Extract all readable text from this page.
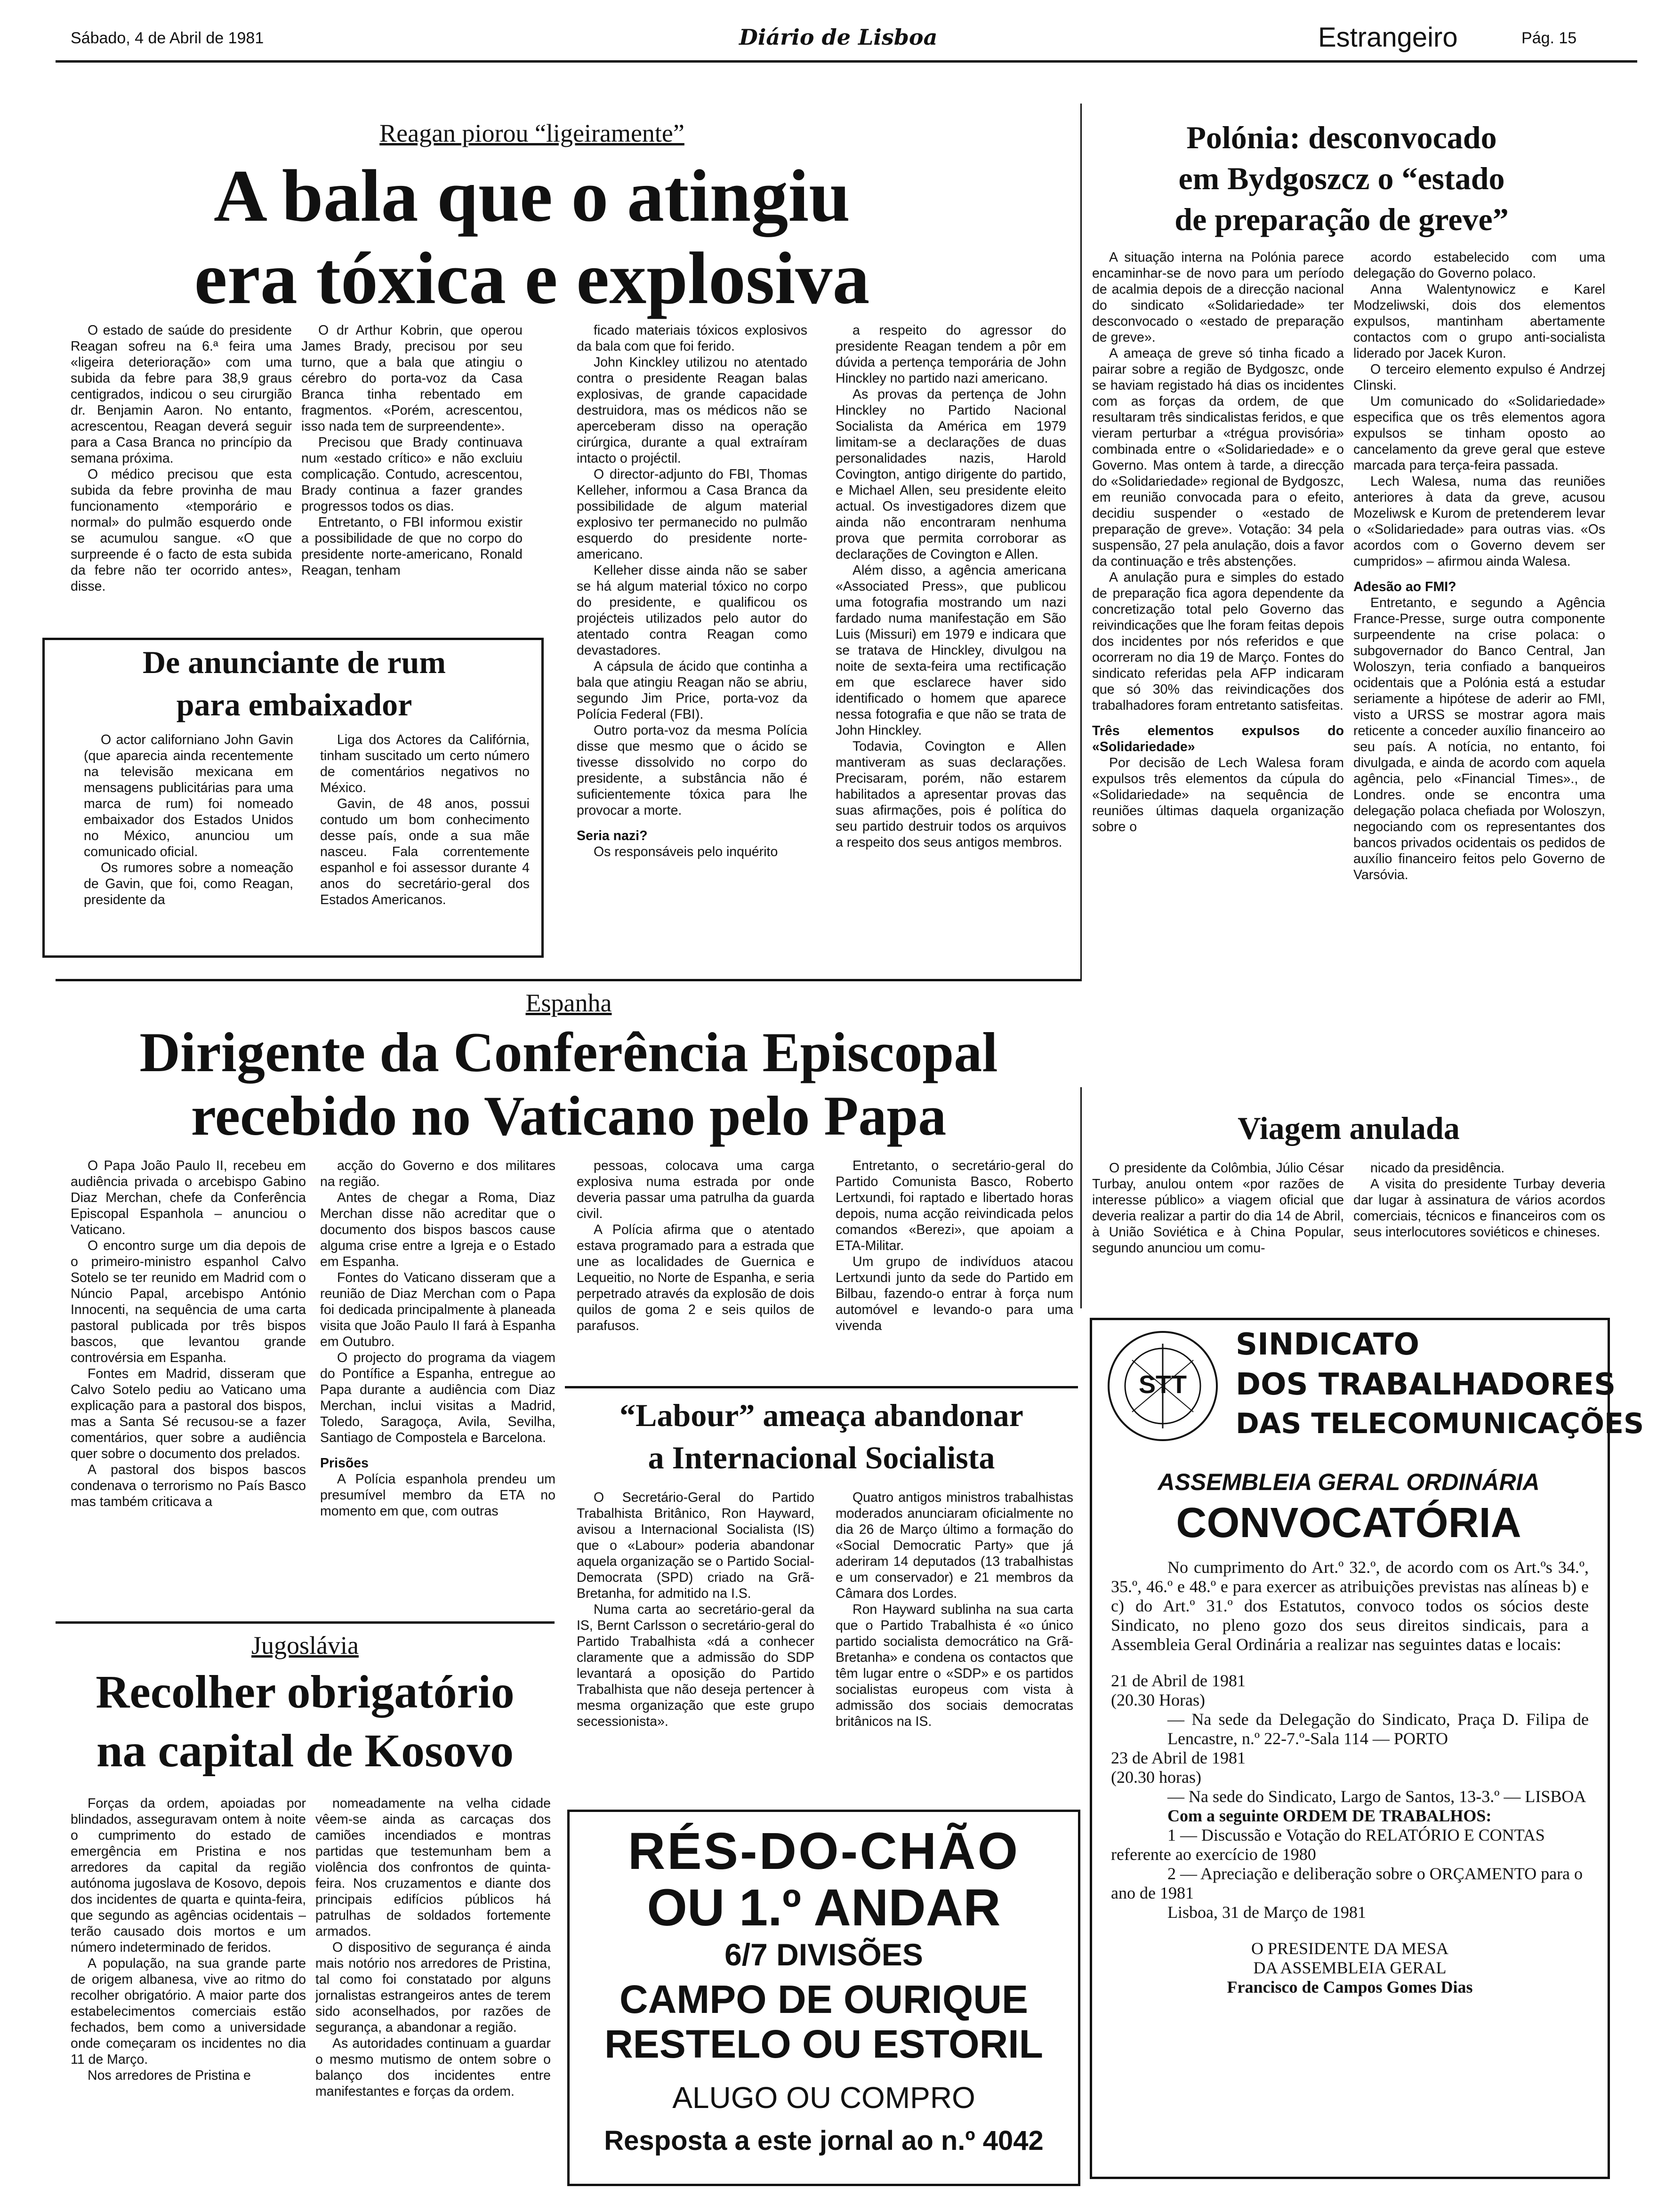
Sábado, 4 de Abril de 1981	Diário de Lisboa	Estrangeiro	Pág. 15
Reagan piorou “ligeiramente”
A bala que o atingiu
era tóxica e explosiva

O estado de saúde do presidente Reagan sofreu na 6.ª feira uma «ligeira deterioração» com uma subida da febre para 38,9 graus centigrados, indicou o seu cirurgião dr. Benjamin Aaron. No entanto, acrescentou, Reagan deverá seguir para a Casa Branca no princípio da semana próxima.

O médico precisou que esta subida da febre provinha de mau funcionamento «temporário e normal» do pulmão esquerdo onde se acumulou sangue. «O que surpreende é o facto de esta subida da febre não ter ocorrido antes», disse.

O dr Arthur Kobrin, que operou James Brady, precisou por seu turno, que a bala que atingiu o cérebro do porta-voz da Casa Branca tinha rebentado em fragmentos. «Porém, acrescentou, isso nada tem de surpreendente».

Precisou que Brady continuava num «estado crítico» e não excluiu complicação. Contudo, acrescentou, Brady continua a fazer grandes progressos todos os dias.

Entretanto, o FBI informou existir a possibilidade de que no corpo do presidente norte-americano, Ronald Reagan, tenham

ficado materiais tóxicos explosivos da bala com que foi ferido.

John Kinckley utilizou no atentado contra o presidente Reagan balas explosivas, de grande capacidade destruidora, mas os médicos não se aperceberam disso na operação cirúrgica, durante a qual extraíram intacto o projéctil.

O director-adjunto do FBI, Thomas Kelleher, informou a Casa Branca da possibilidade de algum material explosivo ter permanecido no pulmão esquerdo do presidente norte-americano.

Kelleher disse ainda não se saber se há algum material tóxico no corpo do presidente, e qualificou os projécteis utilizados pelo autor do atentado contra Reagan como devastadores.

A cápsula de ácido que continha a bala que atingiu Reagan não se abriu, segundo Jim Price, porta-voz da Polícia Federal (FBI).

Outro porta-voz da mesma Polícia disse que mesmo que o ácido se tivesse dissolvido no corpo do presidente, a substância não é suficientemente tóxica para lhe provocar a morte.

Seria nazi?

Os responsáveis pelo inquérito

a respeito do agressor do presidente Reagan tendem a pôr em dúvida a pertença temporária de John Hinckley no partido nazi americano.

As provas da pertença de John Hinckley no Partido Nacional Socialista da América em 1979 limitam-se a declarações de duas personalidades nazis, Harold Covington, antigo dirigente do partido, e Michael Allen, seu presidente eleito actual. Os investigadores dizem que ainda não encontraram nenhuma prova que permita corroborar as declarações de Covington e Allen.

Além disso, a agência americana «Associated Press», que publicou uma fotografia mostrando um nazi fardado numa manifestação em São Luis (Missuri) em 1979 e indicara que se tratava de Hinckley, divulgou na noite de sexta-feira uma rectificação em que esclarece haver sido identificado o homem que aparece nessa fotografia e que não se trata de John Hinckley.

Todavia, Covington e Allen mantiveram as suas declarações. Precisaram, porém, não estarem habilitados a apresentar provas das suas afirmações, pois é política do seu partido destruir todos os arquivos a respeito dos seus antigos membros.

De anunciante de rum
para embaixador

O actor californiano John Gavin (que aparecia ainda recentemente na televisão mexicana em mensagens publicitárias para uma marca de rum) foi nomeado embaixador dos Estados Unidos no México, anunciou um comunicado oficial.

Os rumores sobre a nomeação de Gavin, que foi, como Reagan, presidente da

Liga dos Actores da Califórnia, tinham suscitado um certo número de comentários negativos no México.

Gavin, de 48 anos, possui contudo um bom conhecimento desse país, onde a sua mãe nasceu. Fala correntemente espanhol e foi assessor durante 4 anos do secretário-geral dos Estados Americanos.

Polónia: desconvocado
em Bydgoszcz o “estado
de preparação de greve”

A situação interna na Polónia parece encaminhar-se de novo para um período de acalmia depois de a direcção nacional do sindicato «Solidariedade» ter desconvocado o «estado de preparação de greve».

A ameaça de greve só tinha ficado a pairar sobre a região de Bydgoszc, onde se haviam registado há dias os incidentes com as forças da ordem, de que resultaram três sindicalistas feridos, e que vieram perturbar a «trégua provisória» combinada entre o «Solidariedade» e o Governo. Mas ontem à tarde, a direcção do «Solidariedade» regional de Bydgoszc, em reunião convocada para o efeito, decidiu suspender o «estado de preparação de greve». Votação: 34 pela suspensão, 27 pela anulação, dois a favor da continuação e três abstenções.

A anulação pura e simples do estado de preparação fica agora dependente da concretização total pelo Governo das reivindicações que lhe foram feitas depois dos incidentes por nós referidos e que ocorreram no dia 19 de Março. Fontes do sindicato referidas pela AFP indicaram que só 30% das reivindicações dos trabalhadores foram entretanto satisfeitas.

Três elementos expulsos do «Solidariedade»

Por decisão de Lech Walesa foram expulsos três elementos da cúpula do «Solidariedade» na sequência de reuniões últimas daquela organização sobre o

acordo estabelecido com uma delegação do Governo polaco.

Anna Walentynowicz e Karel Modzeliwski, dois dos elementos expulsos, mantinham abertamente contactos com o grupo anti-socialista liderado por Jacek Kuron.

O terceiro elemento expulso é Andrzej Clinski.

Um comunicado do «Solidariedade» especifica que os três elementos agora expulsos se tinham oposto ao cancelamento da greve geral que esteve marcada para terça-feira passada.

Lech Walesa, numa das reuniões anteriores à data da greve, acusou Mozeliwsk e Kurom de pretenderem levar o «Solidariedade» para outras vias. «Os acordos com o Governo devem ser cumpridos» – afirmou ainda Walesa.

Adesão ao FMI?

Entretanto, e segundo a Agência France-Presse, surge outra componente surpeendente na crise polaca: o subgovernador do Banco Central, Jan Woloszyn, teria confiado a banqueiros ocidentais que a Polónia está a estudar seriamente a hipótese de aderir ao FMI, visto a URSS se mostrar agora mais reticente a conceder auxílio financeiro ao seu país. A notícia, no entanto, foi divulgada, e ainda de acordo com aquela agência, pelo «Financial Times»., de Londres. onde se encontra uma delegação polaca chefiada por Woloszyn, negociando com os representantes dos bancos privados ocidentais os pedidos de auxílio financeiro feitos pelo Governo de Varsóvia.

Espanha
Dirigente da Conferência Episcopal
recebido no Vaticano pelo Papa

O Papa João Paulo II, recebeu em audiência privada o arcebispo Gabino Diaz Merchan, chefe da Conferência Episcopal Espanhola – anunciou o Vaticano.

O encontro surge um dia depois de o primeiro-ministro espanhol Calvo Sotelo se ter reunido em Madrid com o Núncio Papal, arcebispo António Innocenti, na sequência de uma carta pastoral publicada por três bispos bascos, que levantou grande controvérsia em Espanha.

Fontes em Madrid, disseram que Calvo Sotelo pediu ao Vaticano uma explicação para a pastoral dos bispos, mas a Santa Sé recusou-se a fazer comentários, quer sobre a audiência quer sobre o documento dos prelados.

A pastoral dos bispos bascos condenava o terrorismo no País Basco mas também criticava a

acção do Governo e dos militares na região.

Antes de chegar a Roma, Diaz Merchan disse não acreditar que o documento dos bispos bascos cause alguma crise entre a Igreja e o Estado em Espanha.

Fontes do Vaticano disseram que a reunião de Diaz Merchan com o Papa foi dedicada principalmente à planeada visita que João Paulo II fará à Espanha em Outubro.

O projecto do programa da viagem do Pontífice a Espanha, entregue ao Papa durante a audiência com Diaz Merchan, inclui visitas a Madrid, Toledo, Saragoça, Avila, Sevilha, Santiago de Compostela e Barcelona.

Prisões

A Polícia espanhola prendeu um presumível membro da ETA no momento em que, com outras

pessoas, colocava uma carga explosiva numa estrada por onde deveria passar uma patrulha da guarda civil.

A Polícia afirma que o atentado estava programado para a estrada que une as localidades de Guernica e Lequeitio, no Norte de Espanha, e seria perpetrado através da explosão de dois quilos de goma 2 e seis quilos de parafusos.

Entretanto, o secretário-geral do Partido Comunista Basco, Roberto Lertxundi, foi raptado e libertado horas depois, numa acção reivindicada pelos comandos «Berezi», que apoiam a ETA-Militar.

Um grupo de indivíduos atacou Lertxundi junto da sede do Partido em Bilbau, fazendo-o entrar à força num automóvel e levando-o para uma vivenda

Viagem anulada

O presidente da Colômbia, Júlio César Turbay, anulou ontem «por razões de interesse público» a viagem oficial que deveria realizar a partir do dia 14 de Abril, à União Soviética e à China Popular, segundo anunciou um comu-

nicado da presidência.

A visita do presidente Turbay deveria dar lugar à assinatura de vários acordos comerciais, técnicos e financeiros com os seus interlocutores soviéticos e chineses.

“Labour” ameaça abandonar
a Internacional Socialista

O Secretário-Geral do Partido Trabalhista Britânico, Ron Hayward, avisou a Internacional Socialista (IS) que o «Labour» poderia abandonar aquela organização se o Partido Social-Democrata (SPD) criado na Grã-Bretanha, for admitido na I.S.

Numa carta ao secretário-geral da IS, Bernt Carlsson o secretário-geral do Partido Trabalhista «dá a conhecer claramente que a admissão do SDP levantará a oposição do Partido Trabalhista que não deseja pertencer à mesma organização que este grupo secessionista».

Quatro antigos ministros trabalhistas moderados anunciaram oficialmente no dia 26 de Março último a formação do «Social Democratic Party» que já aderiram 14 deputados (13 trabalhistas e um conservador) e 21 membros da Câmara dos Lordes.

Ron Hayward sublinha na sua carta que o Partido Trabalhista é «o único partido socialista democrático na Grã-Bretanha» e condena os contactos que têm lugar entre o «SDP» e os partidos socialistas europeus com vista à admissão dos sociais democratas britânicos na IS.

Jugoslávia
Recolher obrigatório
na capital de Kosovo

Forças da ordem, apoiadas por blindados, asseguravam ontem à noite o cumprimento do estado de emergência em Pristina e nos arredores da capital da região autónoma jugoslava de Kosovo, depois dos incidentes de quarta e quinta-feira, que segundo as agências ocidentais – terão causado dois mortos e um número indeterminado de feridos.

A população, na sua grande parte de origem albanesa, vive ao ritmo do recolher obrigatório. A maior parte dos estabelecimentos comerciais estão fechados, bem como a universidade onde começaram os incidentes no dia 11 de Março.

Nos arredores de Pristina e

nomeadamente na velha cidade vêem-se ainda as carcaças dos camiões incendiados e montras partidas que testemunham bem a violência dos confrontos de quinta-feira. Nos cruzamentos e diante dos principais edifícios públicos há patrulhas de soldados fortemente armados.

O dispositivo de segurança é ainda mais notório nos arredores de Pristina, tal como foi constatado por alguns jornalistas estrangeiros antes de terem sido aconselhados, por razões de segurança, a abandonar a região.

As autoridades continuam a guardar o mesmo mutismo de ontem sobre o balanço dos incidentes entre manifestantes e forças da ordem.

RÉS-DO-CHÃO
OU 1.º ANDAR
6/7 DIVISÕES
CAMPO DE OURIQUE
RESTELO OU ESTORIL
ALUGO OU COMPRO
Resposta a este jornal ao n.º 4042
STT
SINDICATO
DOS TRABALHADORES
DAS TELECOMUNICAÇÕES
ASSEMBLEIA GERAL ORDINÁRIA
CONVOCATÓRIA
No cumprimento do Art.º 32.º, de acordo com os Art.ºs 34.º, 35.º, 46.º e 48.º e para exercer as atribuições previstas nas alíneas b) e c) do Art.º 31.º dos Estatutos, convoco todos os sócios deste Sindicato, no pleno gozo dos seus direitos sindicais, para a Assembleia Geral Ordinária a realizar nas seguintes datas e locais:
21 de Abril de 1981
(20.30 Horas)
— Na sede da Delegação do Sindicato, Praça D. Filipa de Lencastre, n.º 22-7.º-Sala 114 — PORTO
23 de Abril de 1981
(20.30 horas)
— Na sede do Sindicato, Largo de Santos, 13-3.º — LISBOA
Com a seguinte ORDEM DE TRABALHOS:
1 — Discussão e Votação do RELATÓRIO E CONTAS referente ao exercício de 1980
2 — Apreciação e deliberação sobre o ORÇAMENTO para o ano de 1981
Lisboa, 31 de Março de 1981
O PRESIDENTE DA MESA
DA ASSEMBLEIA GERAL
Francisco de Campos Gomes Dias
